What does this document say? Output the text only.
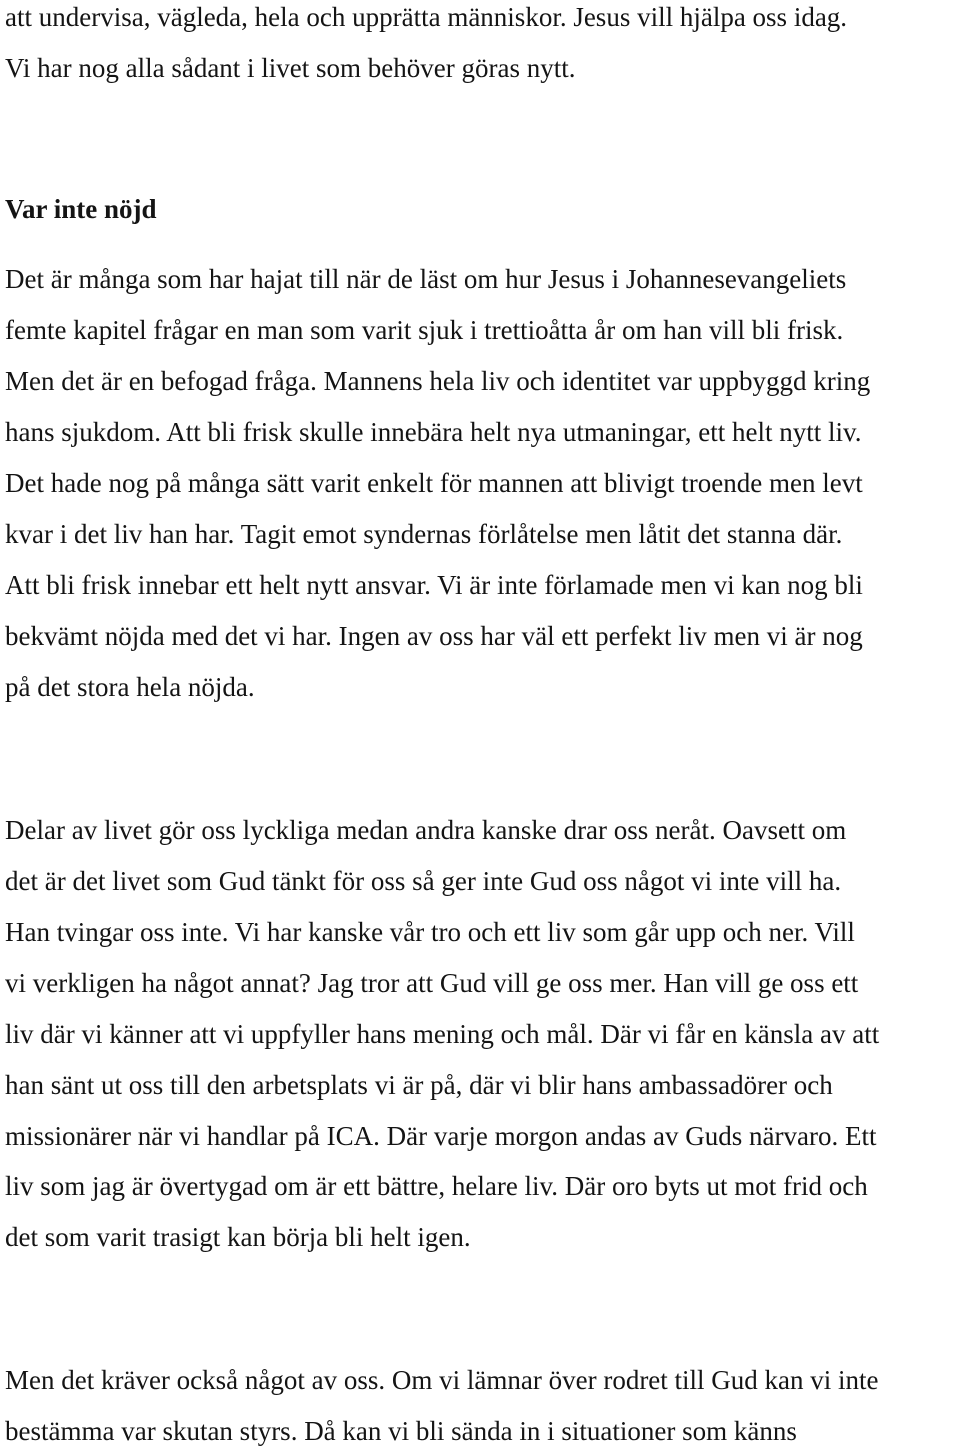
att undervisa, vägleda, hela och upprätta människor. Jesus vill hjälpa oss idag.
Vi har nog alla sådant i livet som behöver göras nytt.
Var inte nöjd
Det är många som har hajat till när de läst om hur Jesus i Johannesevangeliets
femte kapitel frågar en man som varit sjuk i trettioåtta år om han vill bli frisk.
Men det är en befogad fråga. Mannens hela liv och identitet var uppbyggd kring
hans sjukdom. Att bli frisk skulle innebära helt nya utmaningar, ett helt nytt liv.
Det hade nog på många sätt varit enkelt för mannen att blivigt troende men levt
kvar i det liv han har. Tagit emot syndernas förlåtelse men låtit det stanna där.
Att bli frisk innebar ett helt nytt ansvar. Vi är inte förlamade men vi kan nog bli
bekvämt nöjda med det vi har. Ingen av oss har väl ett perfekt liv men vi är nog
på det stora hela nöjda.
Delar av livet gör oss lyckliga medan andra kanske drar oss neråt. Oavsett om
det är det livet som Gud tänkt för oss så ger inte Gud oss något vi inte vill ha.
Han tvingar oss inte. Vi har kanske vår tro och ett liv som går upp och ner. Vill
vi verkligen ha något annat? Jag tror att Gud vill ge oss mer. Han vill ge oss ett
liv där vi känner att vi uppfyller hans mening och mål. Där vi får en känsla av att
han sänt ut oss till den arbetsplats vi är på, där vi blir hans ambassadörer och
missionärer när vi handlar på ICA. Där varje morgon andas av Guds närvaro. Ett
liv som jag är övertygad om är ett bättre, helare liv. Där oro byts ut mot frid och
det som varit trasigt kan börja bli helt igen.
Men det kräver också något av oss. Om vi lämnar över rodret till Gud kan vi inte
bestämma var skutan styrs. Då kan vi bli sända in i situationer som känns
